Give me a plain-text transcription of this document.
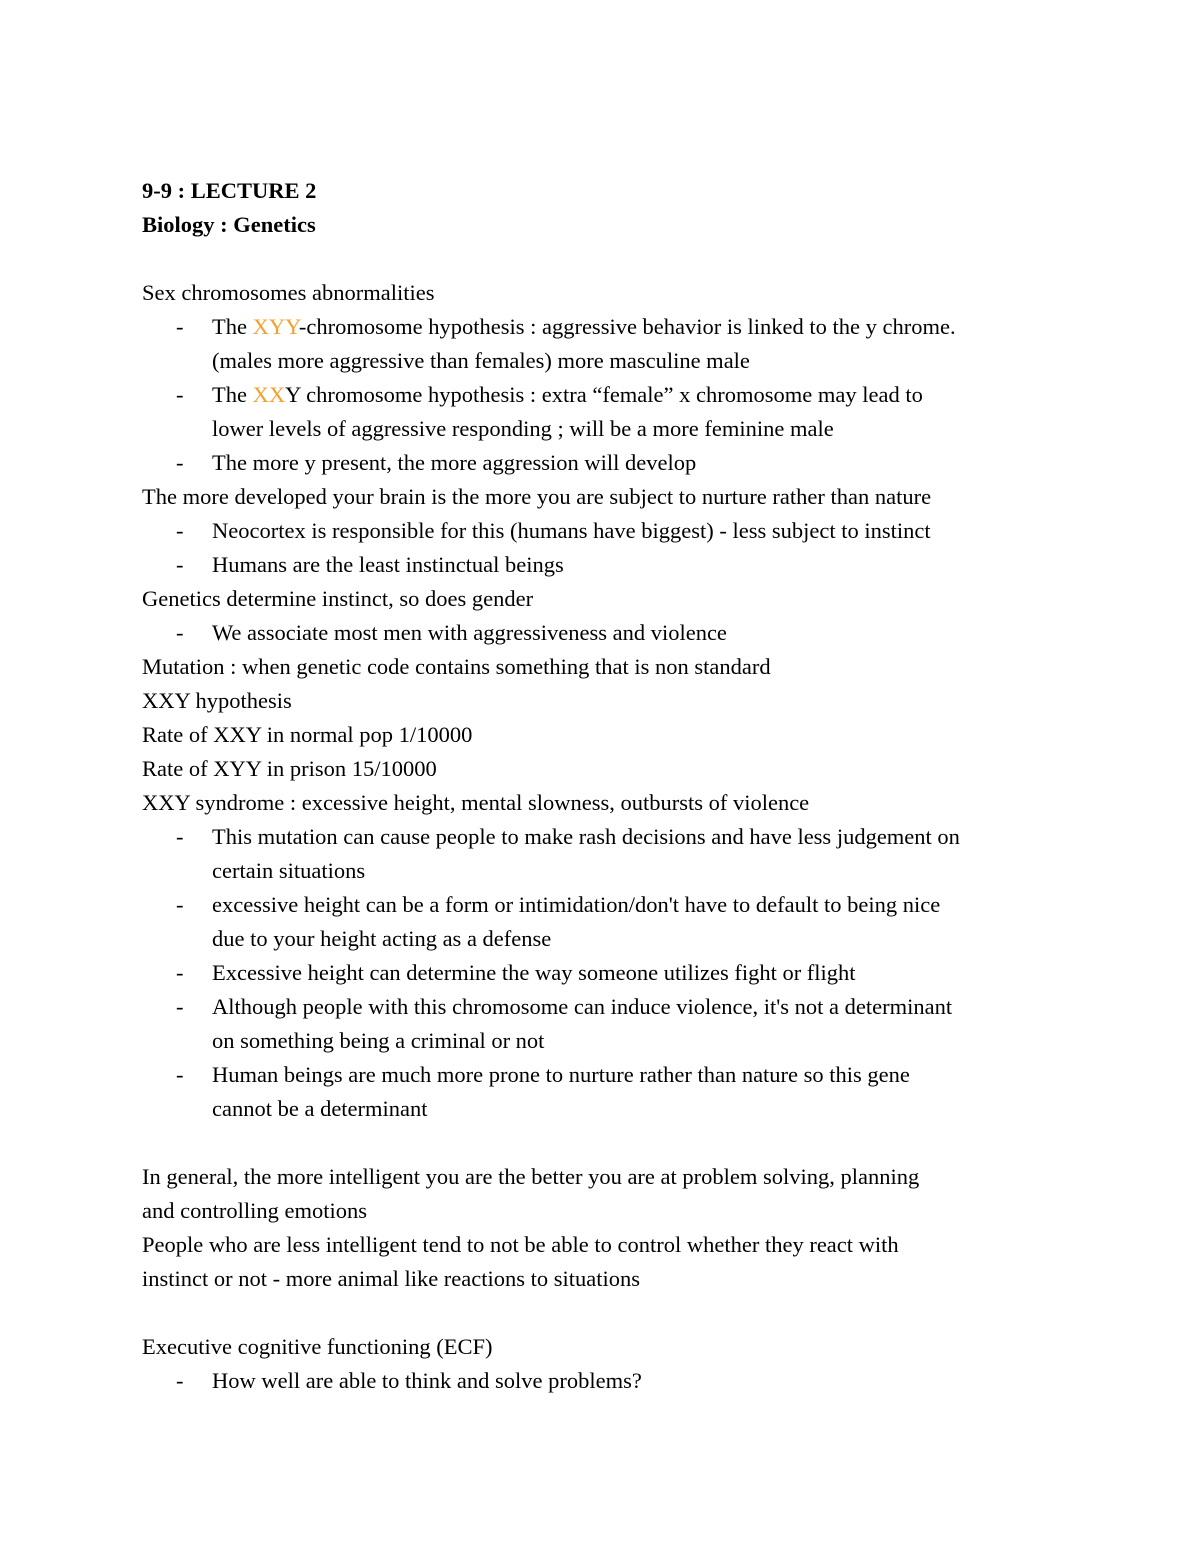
9-9 : LECTURE 2
Biology : Genetics
Sex chromosomes abnormalities
- The XYY-chromosome hypothesis : aggressive behavior is linked to the y chrome.
(males more aggressive than females) more masculine male
- The XXY chromosome hypothesis : extra “female” x chromosome may lead to
lower levels of aggressive responding ; will be a more feminine male
- The more y present, the more aggression will develop
The more developed your brain is the more you are subject to nurture rather than nature
- Neocortex is responsible for this (humans have biggest) - less subject to instinct
- Humans are the least instinctual beings
Genetics determine instinct, so does gender
- We associate most men with aggressiveness and violence
Mutation : when genetic code contains something that is non standard
XXY hypothesis
Rate of XXY in normal pop 1/10000
Rate of XYY in prison 15/10000
XXY syndrome : excessive height, mental slowness, outbursts of violence
- This mutation can cause people to make rash decisions and have less judgement on
certain situations
- excessive height can be a form or intimidation/don't have to default to being nice
due to your height acting as a defense
- Excessive height can determine the way someone utilizes fight or flight
- Although people with this chromosome can induce violence, it's not a determinant
on something being a criminal or not
- Human beings are much more prone to nurture rather than nature so this gene
cannot be a determinant
In general, the more intelligent you are the better you are at problem solving, planning
and controlling emotions
People who are less intelligent tend to not be able to control whether they react with
instinct or not - more animal like reactions to situations
Executive cognitive functioning (ECF)
- How well are able to think and solve problems?
